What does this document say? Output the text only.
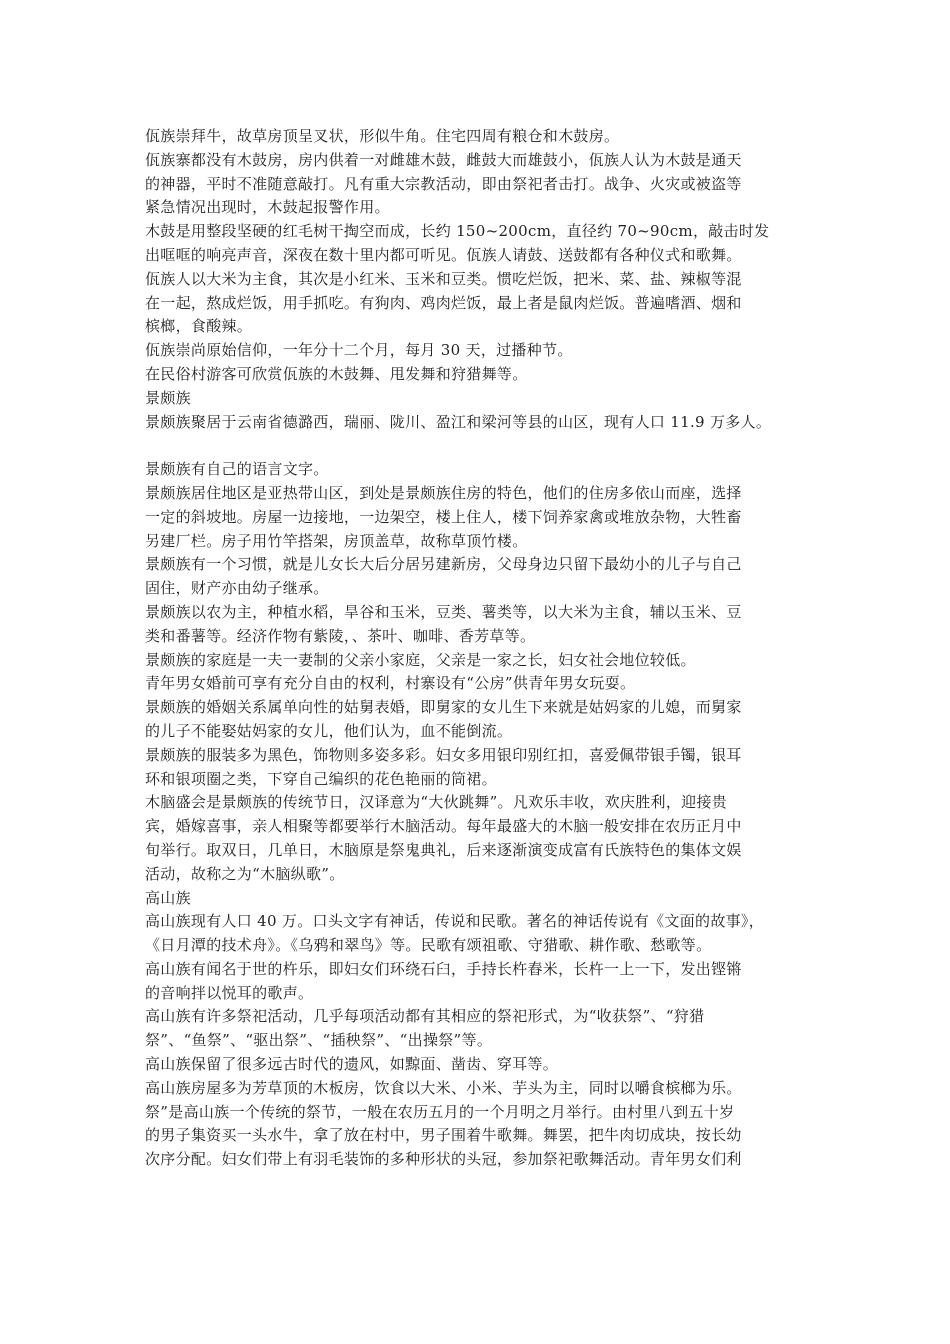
佤族崇拜牛，故草房顶呈叉状，形似牛角。住宅四周有粮仓和木鼓房。

佤族寨都没有木鼓房，房内供着一对雌雄木鼓，雌鼓大而雄鼓小，佤族人认为木鼓是通天

的神器，平时不准随意敲打。凡有重大宗教活动，即由祭祀者击打。战争、火灾或被盗等

紧急情况出现时，木鼓起报警作用。

木鼓是用整段坚硬的红毛树干掏空而成，长约 150~200cm，直径约 70~90cm，敲击时发

出哐哐的响亮声音，深夜在数十里内都可听见。佤族人请鼓、送鼓都有各种仪式和歌舞。

佤族人以大米为主食，其次是小红米、玉米和豆类。惯吃烂饭，把米、菜、盐、辣椒等混

在一起，熬成烂饭，用手抓吃。有狗肉、鸡肉烂饭，最上者是鼠肉烂饭。普遍嗜酒、烟和

槟榔，食酸辣。

佤族崇尚原始信仰，一年分十二个月，每月 30 天，过播种节。

在民俗村游客可欣赏佤族的木鼓舞、甩发舞和狩猎舞等。

景颇族

景颇族聚居于云南省德潞西，瑞丽、陇川、盈江和梁河等县的山区，现有人口 11.9 万多人。

景颇族有自己的语言文字。

景颇族居住地区是亚热带山区，到处是景颇族住房的特色，他们的住房多依山而座，选择

一定的斜坡地。房屋一边接地，一边架空，楼上住人，楼下饲养家禽或堆放杂物，大牲畜

另建厂栏。房子用竹竿搭架，房顶盖草，故称草顶竹楼。

景颇族有一个习惯，就是儿女长大后分居另建新房，父母身边只留下最幼小的儿子与自己

固住，财产亦由幼子继承。

景颇族以农为主，种植水稻，旱谷和玉米，豆类、薯类等，以大米为主食，辅以玉米、豆

类和番薯等。经济作物有紫陵，、茶叶、咖啡、香芳草等。

景颇族的家庭是一夫一妻制的父亲小家庭，父亲是一家之长，妇女社会地位较低。

青年男女婚前可享有充分自由的权利，村寨设有“公房”供青年男女玩耍。

景颇族的婚姻关系属单向性的姑舅表婚，即舅家的女儿生下来就是姑妈家的儿媳，而舅家

的儿子不能娶姑妈家的女儿，他们认为，血不能倒流。

景颇族的服装多为黑色，饰物则多姿多彩。妇女多用银印别红扣，喜爱佩带银手镯，银耳

环和银项圈之类，下穿自己编织的花色艳丽的筒裙。

木脑盛会是景颇族的传统节日，汉译意为“大伙跳舞”。凡欢乐丰收，欢庆胜利，迎接贵

宾，婚嫁喜事，亲人相聚等都要举行木脑活动。每年最盛大的木脑一般安排在农历正月中

旬举行。取双日，几单日，木脑原是祭鬼典礼，后来逐渐演变成富有氏族特色的集体文娱

活动，故称之为“木脑纵歌”。

高山族

高山族现有人口 40 万。口头文字有神话，传说和民歌。著名的神话传说有《文面的故事》，

《日月潭的技术舟》。《乌鸦和翠鸟》等。民歌有颂祖歌、守猎歌、耕作歌、愁歌等。

高山族有闻名于世的杵乐，即妇女们环绕石臼，手持长杵舂米，长杵一上一下，发出铿锵

的音响拌以悦耳的歌声。

高山族有许多祭祀活动，几乎每项活动都有其相应的祭祀形式，为“收获祭”、“狩猎

祭”、“鱼祭”、“驱出祭”、“插秧祭”、“出操祭”等。

高山族保留了很多远古时代的遗风，如黥面、凿齿、穿耳等。

高山族房屋多为芳草顶的木板房，饮食以大米、小米、芋头为主，同时以嚼食槟榔为乐。

祭”是高山族一个传统的祭节，一般在农历五月的一个月明之月举行。由村里八到五十岁

的男子集资买一头水牛，拿了放在村中，男子围着牛歌舞。舞罢，把牛肉切成块，按长幼

次序分配。妇女们带上有羽毛装饰的多种形状的头冠，参加祭祀歌舞活动。青年男女们利
